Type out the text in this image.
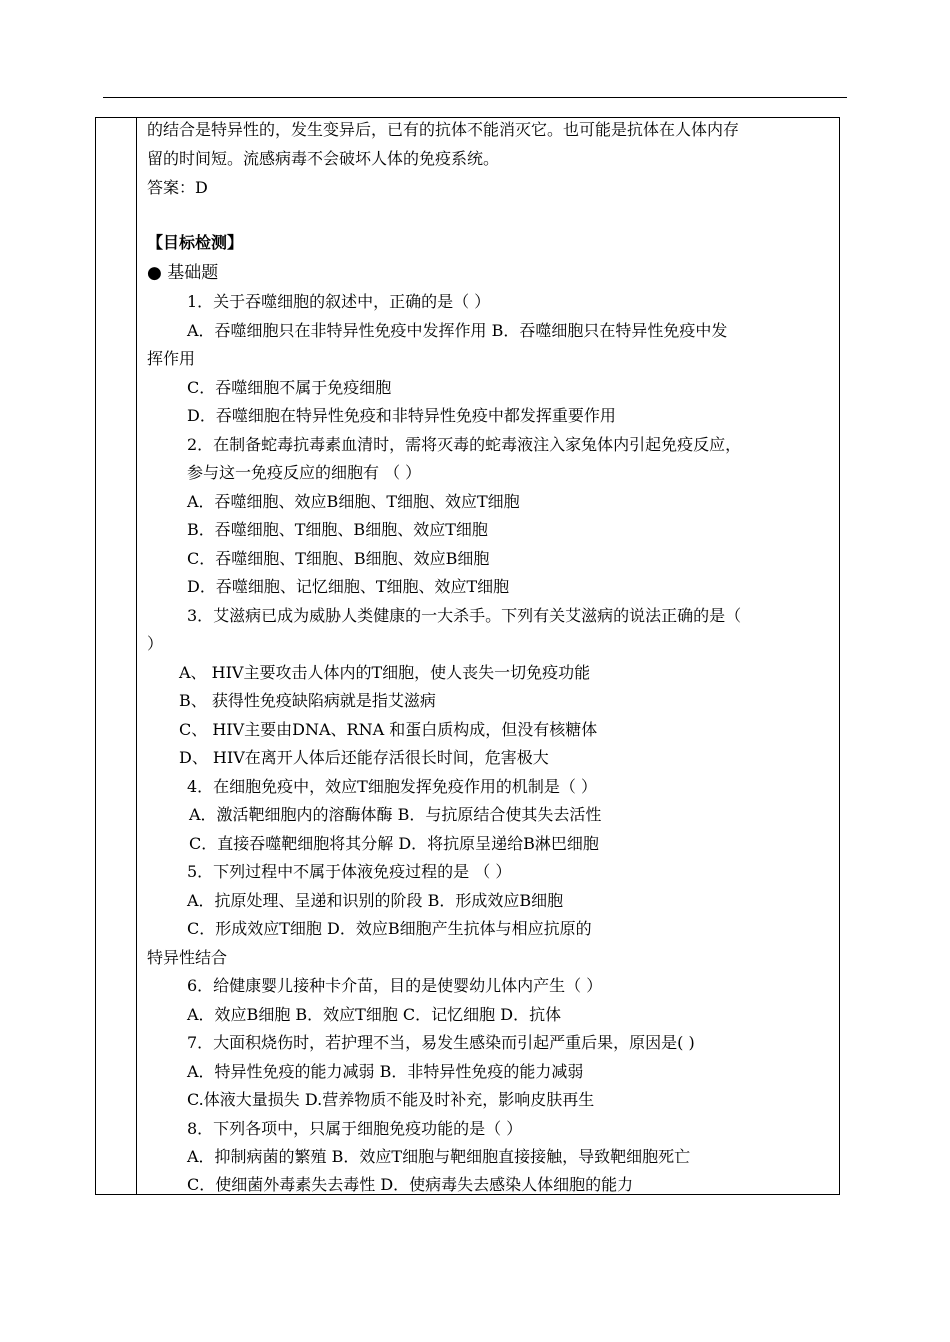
的结合是特异性的，发生变异后，已有的抗体不能消灭它。也可能是抗体在人体内存
留的时间短。流感病毒不会破坏人体的免疫系统。
答案：D
【目标检测】
● 基础题
1．关于吞噬细胞的叙述中，正确的是（ ）
A．吞噬细胞只在非特异性免疫中发挥作用 B．吞噬细胞只在特异性免疫中发
挥作用
C．吞噬细胞不属于免疫细胞
D．吞噬细胞在特异性免疫和非特异性免疫中都发挥重要作用
2．在制备蛇毒抗毒素血清时，需将灭毒的蛇毒液注入家兔体内引起免疫反应，
参与这一免疫反应的细胞有 （ ）
A．吞噬细胞、效应B细胞、T细胞、效应T细胞
B．吞噬细胞、T细胞、B细胞、效应T细胞
C．吞噬细胞、T细胞、B细胞、效应B细胞
D．吞噬细胞、记忆细胞、T细胞、效应T细胞
3．艾滋病已成为威胁人类健康的一大杀手。下列有关艾滋病的说法正确的是（
）
A、 HIV主要攻击人体内的T细胞，使人丧失一切免疫功能
B、 获得性免疫缺陷病就是指艾滋病
C、 HIV主要由DNA、RNA 和蛋白质构成，但没有核糖体
D、 HIV在离开人体后还能存活很长时间，危害极大
4．在细胞免疫中，效应T细胞发挥免疫作用的机制是（ ）
A．激活靶细胞内的溶酶体酶 B．与抗原结合使其失去活性
C．直接吞噬靶细胞将其分解 D．将抗原呈递给B淋巴细胞
5．下列过程中不属于体液免疫过程的是 （ ）
A．抗原处理、呈递和识别的阶段 B．形成效应B细胞
C．形成效应T细胞 D．效应B细胞产生抗体与相应抗原的
特异性结合
6．给健康婴儿接种卡介苗，目的是使婴幼儿体内产生（ ）
A．效应B细胞 B．效应T细胞 C．记忆细胞 D．抗体
7．大面积烧伤时，若护理不当，易发生感染而引起严重后果，原因是( )
A．特异性免疫的能力减弱 B．非特异性免疫的能力减弱
C.体液大量损失 D.营养物质不能及时补充，影响皮肤再生
8．下列各项中，只属于细胞免疫功能的是（ ）
A．抑制病菌的繁殖 B．效应T细胞与靶细胞直接接触，导致靶细胞死亡
C．使细菌外毒素失去毒性 D．使病毒失去感染人体细胞的能力
